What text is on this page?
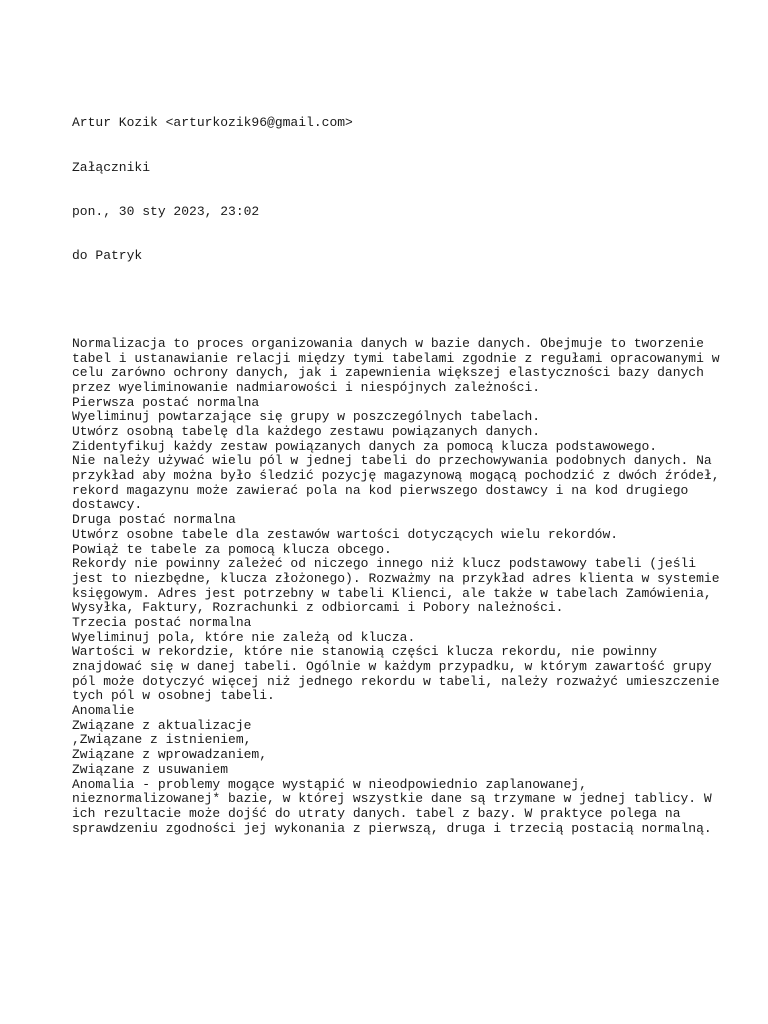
Artur Kozik <arturkozik96@gmail.com>

Załączniki

pon., 30 sty 2023, 23:02

do Patryk

Normalizacja to proces organizowania danych w bazie danych. Obejmuje to tworzenie
tabel i ustanawianie relacji między tymi tabelami zgodnie z regułami opracowanymi w
celu zarówno ochrony danych, jak i zapewnienia większej elastyczności bazy danych
przez wyeliminowanie nadmiarowości i niespójnych zależności.
Pierwsza postać normalna
Wyeliminuj powtarzające się grupy w poszczególnych tabelach.
Utwórz osobną tabelę dla każdego zestawu powiązanych danych.
Zidentyfikuj każdy zestaw powiązanych danych za pomocą klucza podstawowego.
Nie należy używać wielu pól w jednej tabeli do przechowywania podobnych danych. Na
przykład aby można było śledzić pozycję magazynową mogącą pochodzić z dwóch źródeł,
rekord magazynu może zawierać pola na kod pierwszego dostawcy i na kod drugiego
dostawcy.
Druga postać normalna
Utwórz osobne tabele dla zestawów wartości dotyczących wielu rekordów.
Powiąż te tabele za pomocą klucza obcego.
Rekordy nie powinny zależeć od niczego innego niż klucz podstawowy tabeli (jeśli
jest to niezbędne, klucza złożonego). Rozważmy na przykład adres klienta w systemie
księgowym. Adres jest potrzebny w tabeli Klienci, ale także w tabelach Zamówienia,
Wysyłka, Faktury, Rozrachunki z odbiorcami i Pobory należności.
Trzecia postać normalna
Wyeliminuj pola, które nie zależą od klucza.
Wartości w rekordzie, które nie stanowią części klucza rekordu, nie powinny
znajdować się w danej tabeli. Ogólnie w każdym przypadku, w którym zawartość grupy
pól może dotyczyć więcej niż jednego rekordu w tabeli, należy rozważyć umieszczenie
tych pól w osobnej tabeli.
Anomalie
Związane z aktualizacje
,Związane z istnieniem,
Związane z wprowadzaniem,
Związane z usuwaniem
Anomalia - problemy mogące wystąpić w nieodpowiednio zaplanowanej,
nieznormalizowanej* bazie, w której wszystkie dane są trzymane w jednej tablicy. W
ich rezultacie może dojść do utraty danych. tabel z bazy. W praktyce polega na
sprawdzeniu zgodności jej wykonania z pierwszą, druga i trzecią postacią normalną.
